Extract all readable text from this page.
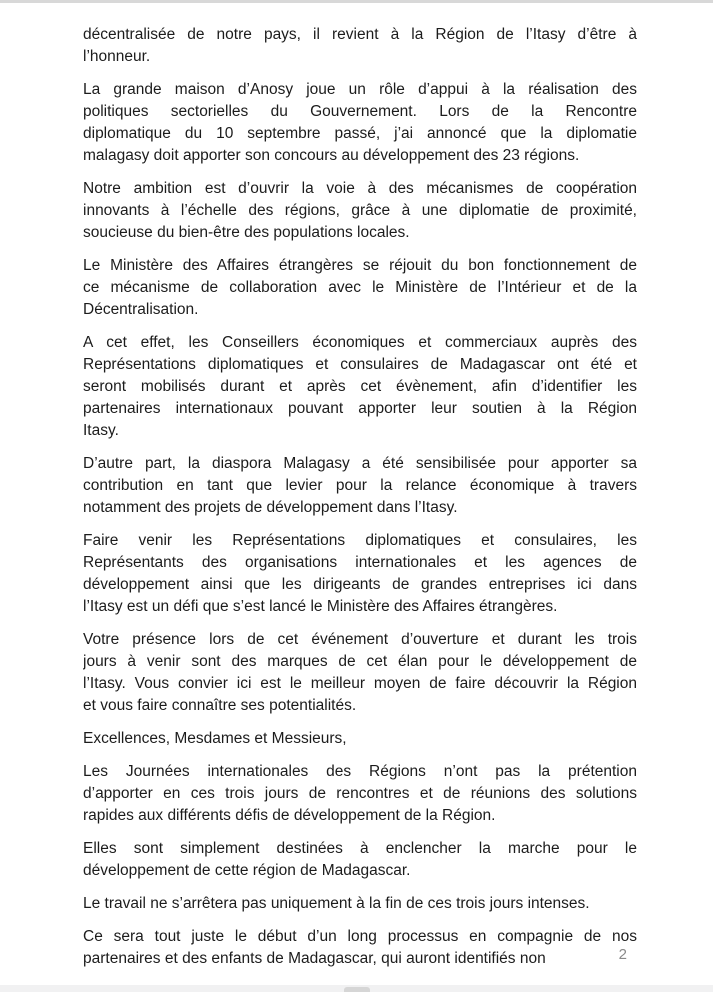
décentralisée de notre pays, il revient à la Région de l’Itasy d’être à
l’honneur.
La grande maison d’Anosy joue un rôle d’appui à la réalisation des
politiques sectorielles du Gouvernement. Lors de la Rencontre
diplomatique du 10 septembre passé, j’ai annoncé que la diplomatie
malagasy doit apporter son concours au développement des 23 régions.
Notre ambition est d’ouvrir la voie à des mécanismes de coopération
innovants à l’échelle des régions, grâce à une diplomatie de proximité,
soucieuse du bien-être des populations locales.
Le Ministère des Affaires étrangères se réjouit du bon fonctionnement de
ce mécanisme de collaboration avec le Ministère de l’Intérieur et de la
Décentralisation.
A cet effet, les Conseillers économiques et commerciaux auprès des
Représentations diplomatiques et consulaires de Madagascar ont été et
seront mobilisés durant et après cet évènement, afin d’identifier les
partenaires internationaux pouvant apporter leur soutien à la Région
Itasy.
D’autre part, la diaspora Malagasy a été sensibilisée pour apporter sa
contribution en tant que levier pour la relance économique à travers
notamment des projets de développement dans l’Itasy.
Faire venir les Représentations diplomatiques et consulaires, les
Représentants des organisations internationales et les agences de
développement ainsi que les dirigeants de grandes entreprises ici dans
l’Itasy est un défi que s’est lancé le Ministère des Affaires étrangères.
Votre présence lors de cet événement d’ouverture et durant les trois
jours à venir sont des marques de cet élan pour le développement de
l’Itasy. Vous convier ici est le meilleur moyen de faire découvrir la Région
et vous faire connaître ses potentialités.
Excellences, Mesdames et Messieurs,
Les Journées internationales des Régions n’ont pas la prétention
d’apporter en ces trois jours de rencontres et de réunions des solutions
rapides aux différents défis de développement de la Région.
Elles sont simplement destinées à enclencher la marche pour le
développement de cette région de Madagascar.
Le travail ne s’arrêtera pas uniquement à la fin de ces trois jours intenses.
Ce sera tout juste le début d’un long processus en compagnie de nos
partenaires et des enfants de Madagascar, qui auront identifiés non	2
